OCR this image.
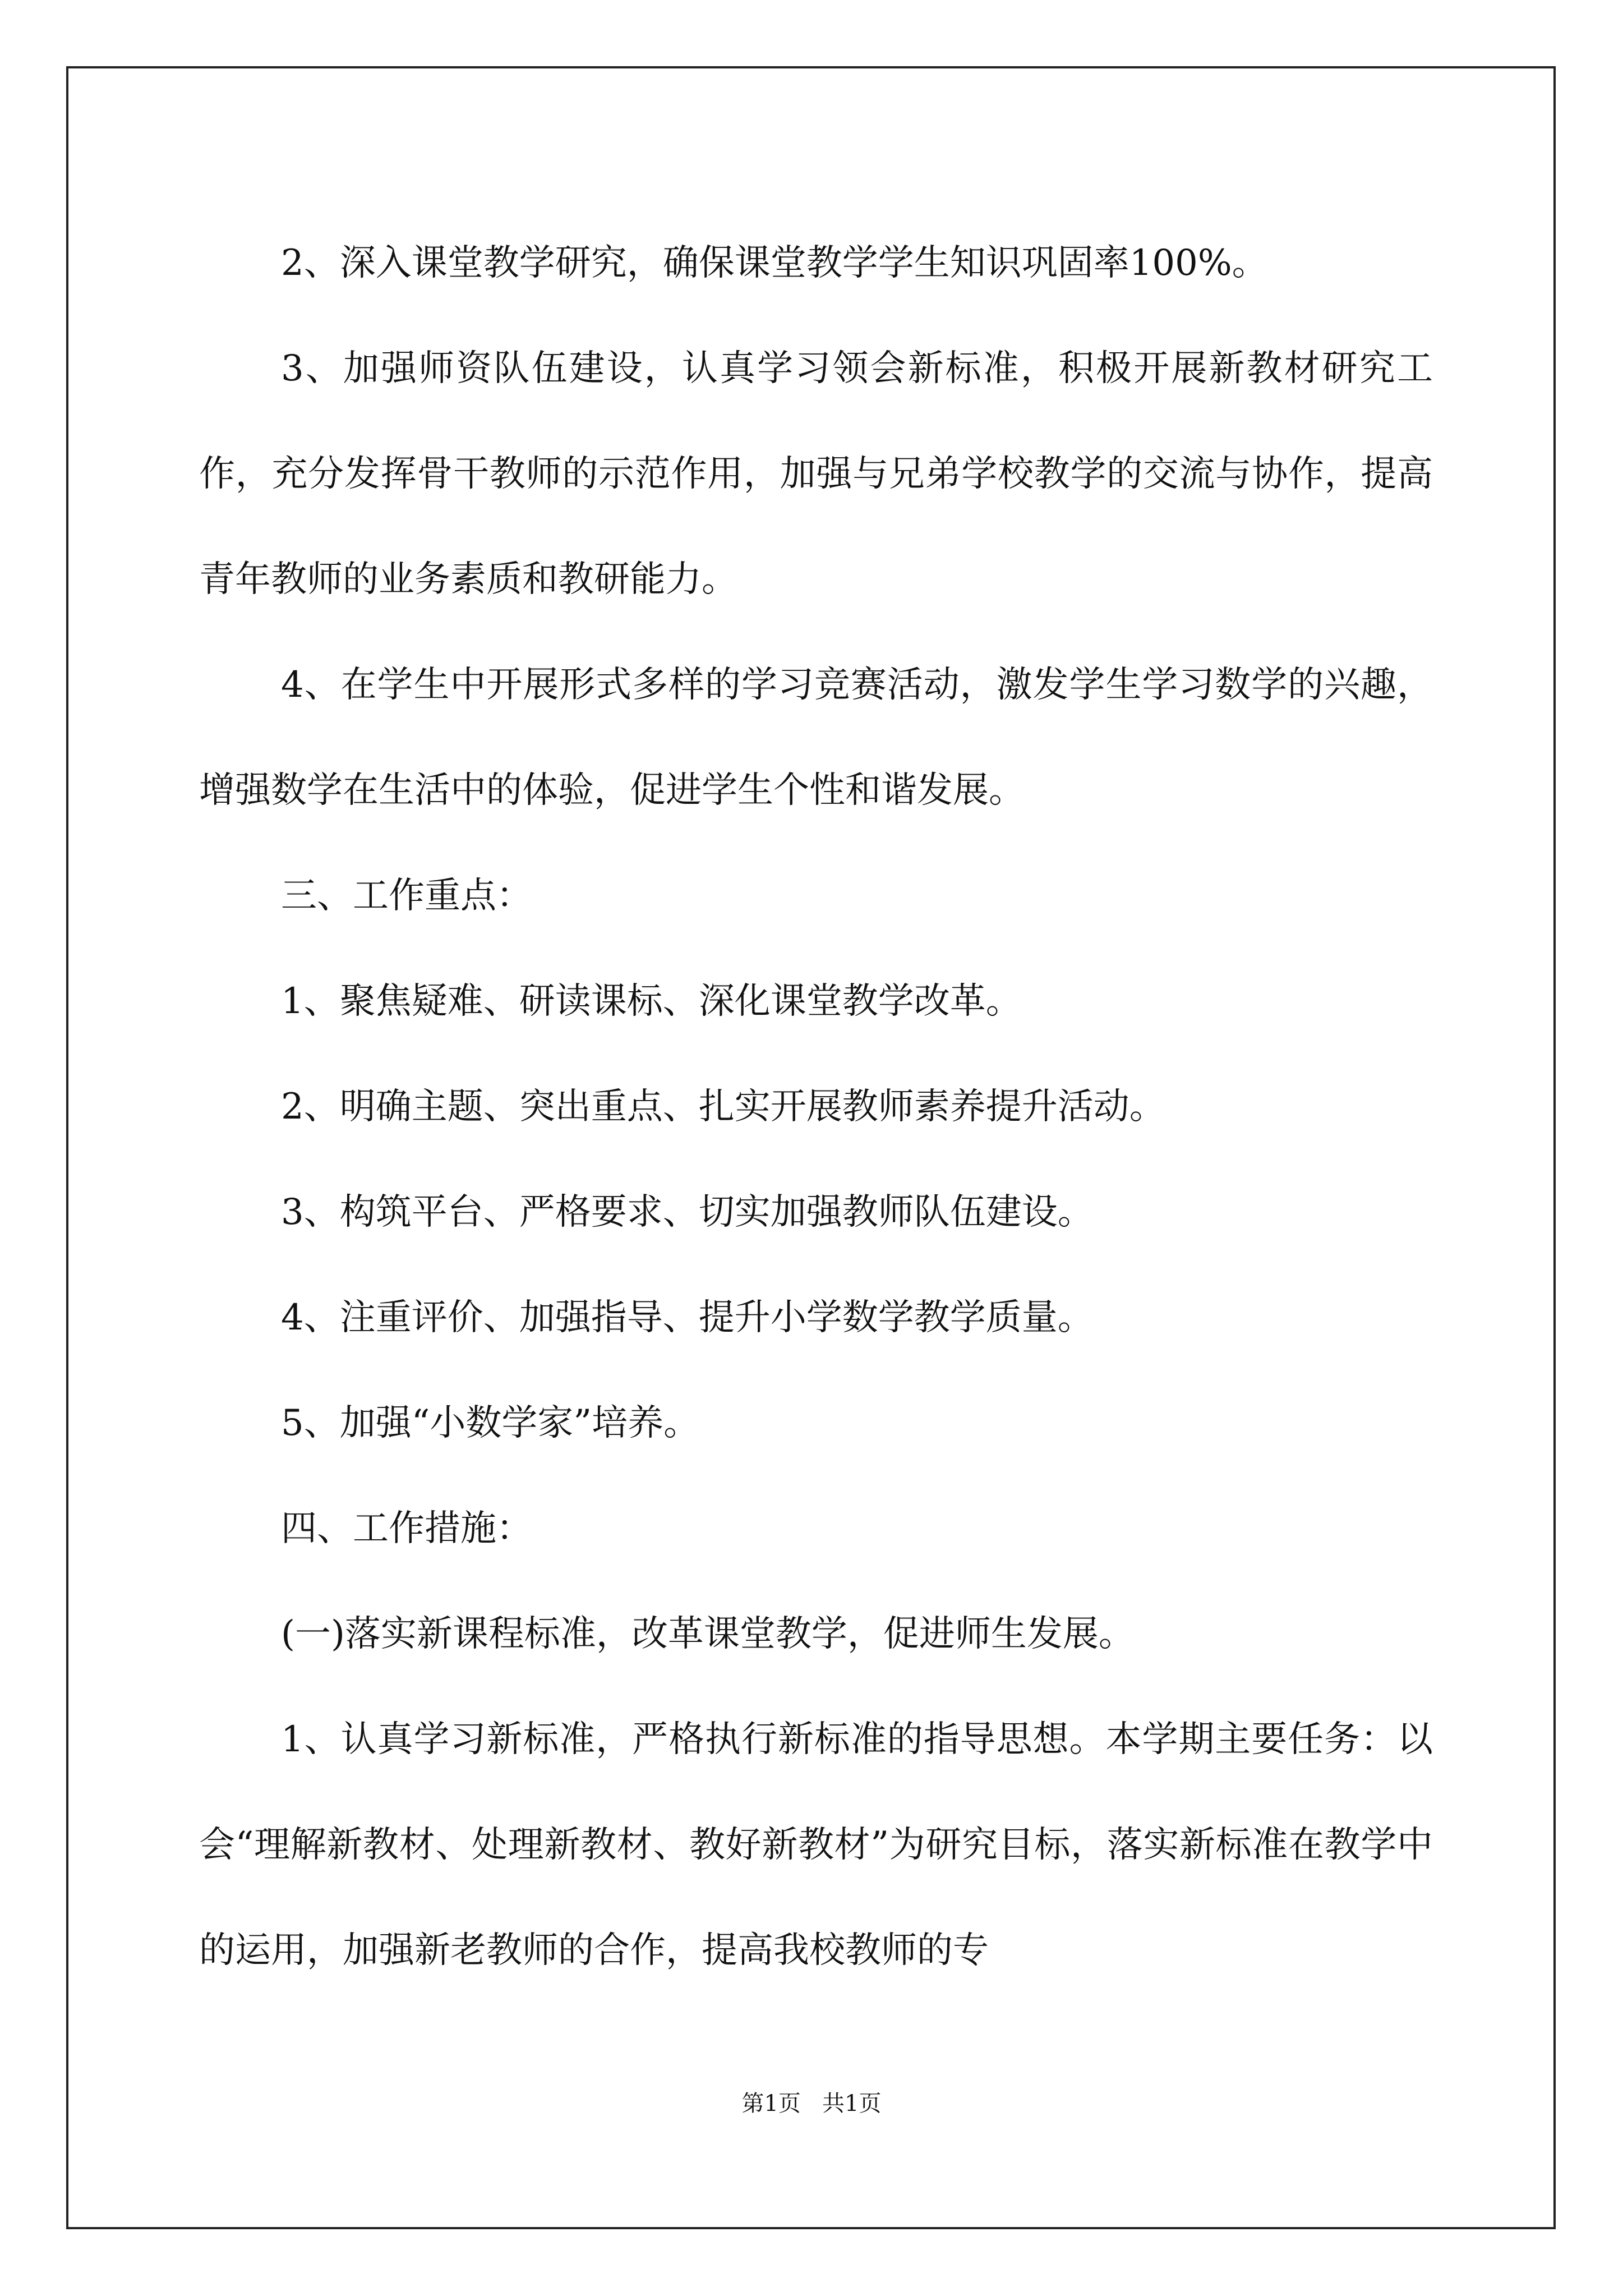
2、深入课堂教学研究，确保课堂教学学生知识巩固率100%。

3、加强师资队伍建设，认真学习领会新标准，积极开展新教材研究工作，充分发挥骨干教师的示范作用，加强与兄弟学校教学的交流与协作，提高青年教师的业务素质和教研能力。

4、在学生中开展形式多样的学习竞赛活动，激发学生学习数学的兴趣，增强数学在生活中的体验，促进学生个性和谐发展。

三、工作重点：

1、聚焦疑难、研读课标、深化课堂教学改革。

2、明确主题、突出重点、扎实开展教师素养提升活动。

3、构筑平台、严格要求、切实加强教师队伍建设。

4、注重评价、加强指导、提升小学数学教学质量。

5、加强“小数学家”培养。

四、工作措施：

(一)落实新课程标准，改革课堂教学，促进师生发展。

1、认真学习新标准，严格执行新标准的指导思想。本学期主要任务：以会“理解新教材、处理新教材、教好新教材”为研究目标，落实新标准在教学中的运用，加强新老教师的合作，提高我校教师的专

第1页   共1页
